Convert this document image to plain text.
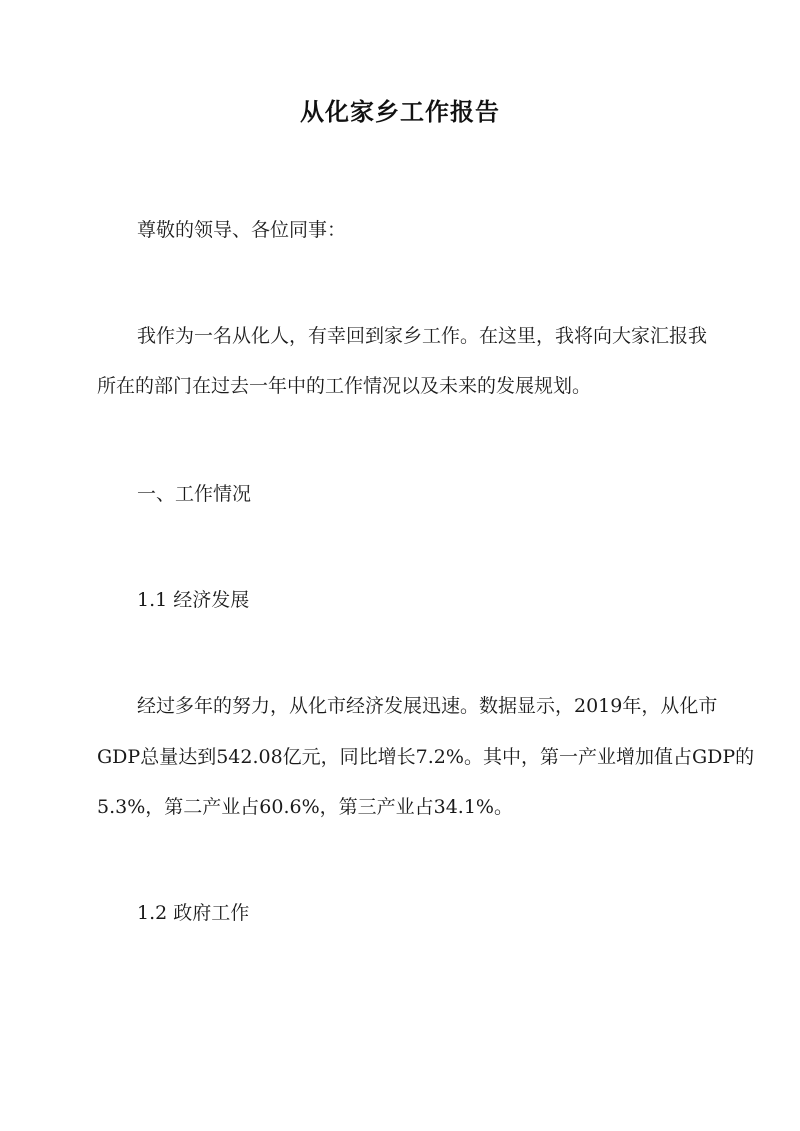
从化家乡工作报告
尊敬的领导、各位同事：
我作为一名从化人，有幸回到家乡工作。在这里，我将向大家汇报我
所在的部门在过去一年中的工作情况以及未来的发展规划。
一、工作情况
1.1 经济发展
经过多年的努力，从化市经济发展迅速。数据显示，2019年，从化市
GDP总量达到542.08亿元，同比增长7.2%。其中，第一产业增加值占GDP的
5.3%，第二产业占60.6%，第三产业占34.1%。
1.2 政府工作
